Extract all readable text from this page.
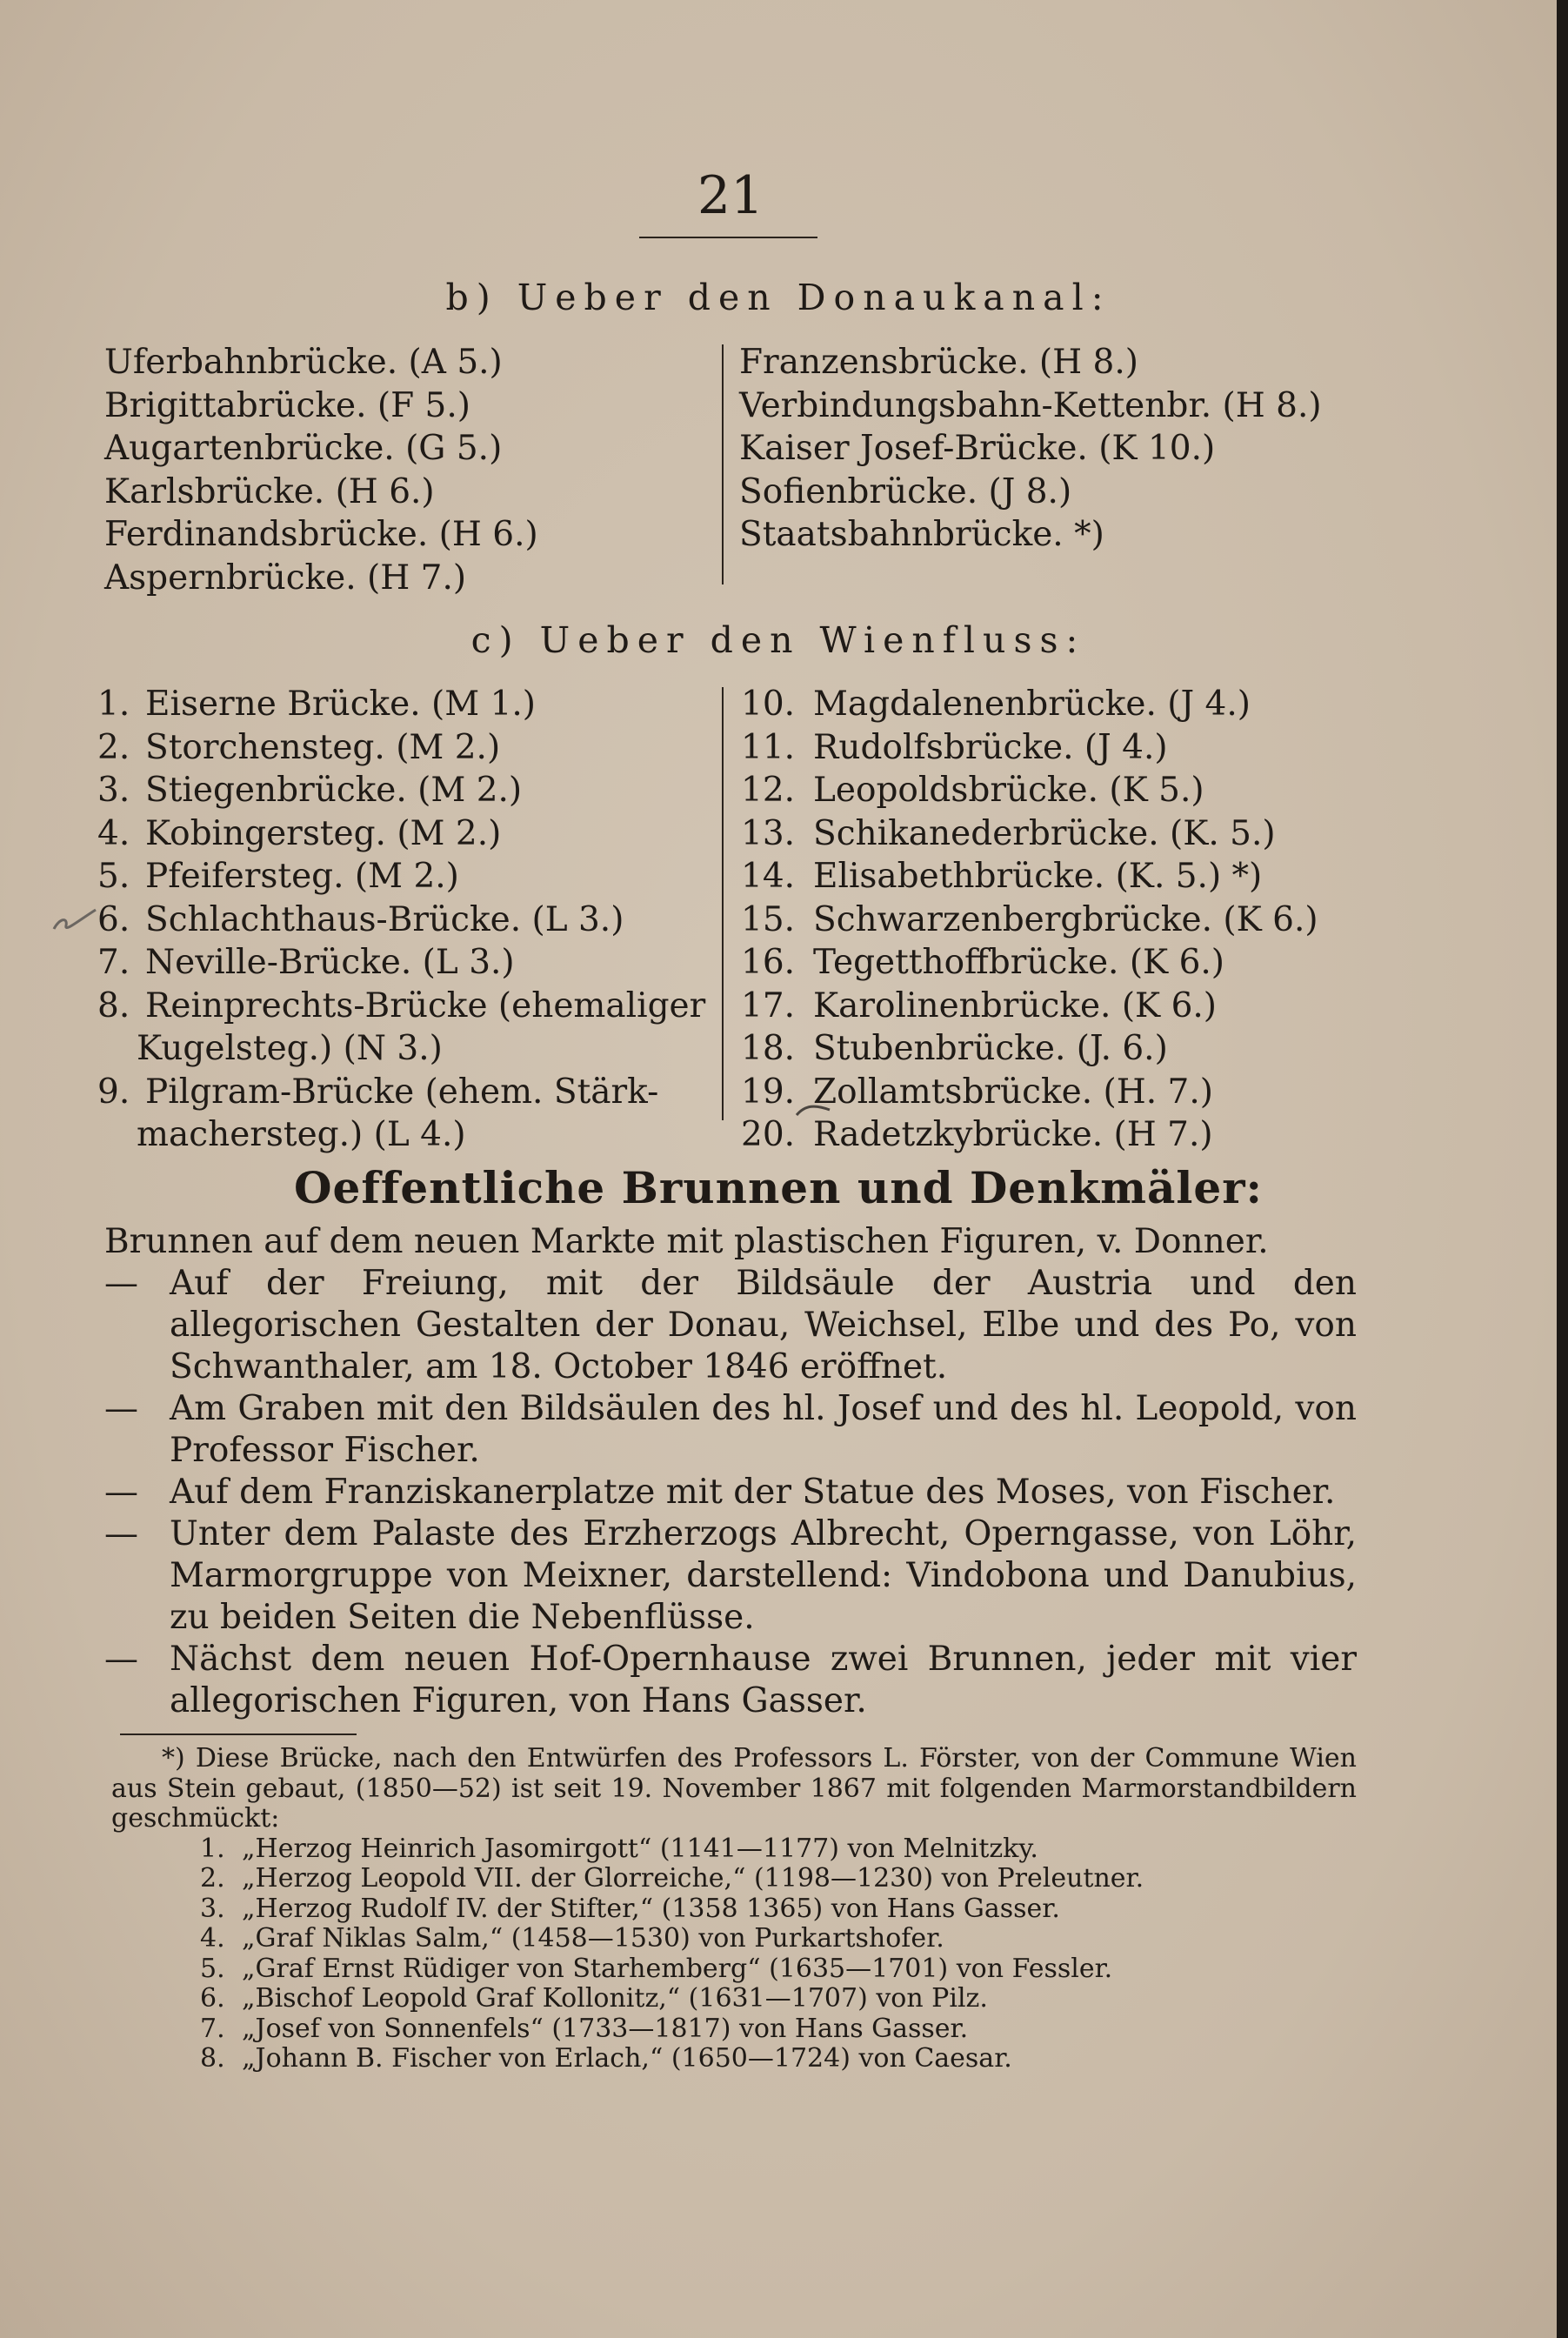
21
b) Ueber den Donaukanal:
Uferbahnbrücke. (A 5.)
Brigittabrücke. (F 5.)
Augartenbrücke. (G 5.)
Karlsbrücke. (H 6.)
Ferdinandsbrücke. (H 6.)
Aspernbrücke. (H 7.)
Franzensbrücke. (H 8.)
Verbindungsbahn-Kettenbr. (H 8.)
Kaiser Josef-Brücke. (K 10.)
Sofienbrücke. (J 8.)
Staatsbahnbrücke. *)
c) Ueber den Wienfluss:
1. Eiserne Brücke. (M 1.)
2. Storchensteg. (M 2.)
3. Stiegenbrücke. (M 2.)
4. Kobingersteg. (M 2.)
5. Pfeifersteg. (M 2.)
6. Schlachthaus-Brücke. (L 3.)
7. Neville-Brücke. (L 3.)
8. Reinprechts-Brücke (ehemaliger
Kugelsteg.) (N 3.)
9. Pilgram-Brücke (ehem. Stärk-
machersteg.) (L 4.)
10. Magdalenenbrücke. (J 4.)
11. Rudolfsbrücke. (J 4.)
12. Leopoldsbrücke. (K 5.)
13. Schikanederbrücke. (K. 5.)
14. Elisabethbrücke. (K. 5.) *)
15. Schwarzenbergbrücke. (K 6.)
16. Tegetthoffbrücke. (K 6.)
17. Karolinenbrücke. (K 6.)
18. Stubenbrücke. (J. 6.)
19. Zollamtsbrücke. (H. 7.)
20. Radetzkybrücke. (H 7.)
Oeffentliche Brunnen und Denkmäler:
Brunnen auf dem neuen Markte mit plastischen Figuren, v. Donner.
— Auf der Freiung, mit der Bildsäule der Austria und den allegorischen Gestalten der Donau, Weichsel, Elbe und des Po, von Schwanthaler, am 18. October 1846 eröffnet.
— Am Graben mit den Bildsäulen des hl. Josef und des hl. Leopold, von Professor Fischer.
— Auf dem Franziskanerplatze mit der Statue des Moses, von Fischer.
— Unter dem Palaste des Erzherzogs Albrecht, Operngasse, von Löhr, Marmorgruppe von Meixner, darstellend: Vindobona und Danubius, zu beiden Seiten die Nebenflüsse.
— Nächst dem neuen Hof-Opernhause zwei Brunnen, jeder mit vier allegorischen Figuren, von Hans Gasser.
*) Diese Brücke, nach den Entwürfen des Professors L. Förster, von der Commune Wien aus Stein gebaut, (1850—52) ist seit 19. November 1867 mit folgenden Marmorstandbildern geschmückt:
1. „Herzog Heinrich Jasomirgott“ (1141—1177) von Melnitzky.
2. „Herzog Leopold VII. der Glorreiche,“ (1198—1230) von Preleutner.
3. „Herzog Rudolf IV. der Stifter,“ (1358 1365) von Hans Gasser.
4. „Graf Niklas Salm,“ (1458—1530) von Purkartshofer.
5. „Graf Ernst Rüdiger von Starhemberg“ (1635—1701) von Fessler.
6. „Bischof Leopold Graf Kollonitz,“ (1631—1707) von Pilz.
7. „Josef von Sonnenfels“ (1733—1817) von Hans Gasser.
8. „Johann B. Fischer von Erlach,“ (1650—1724) von Caesar.
